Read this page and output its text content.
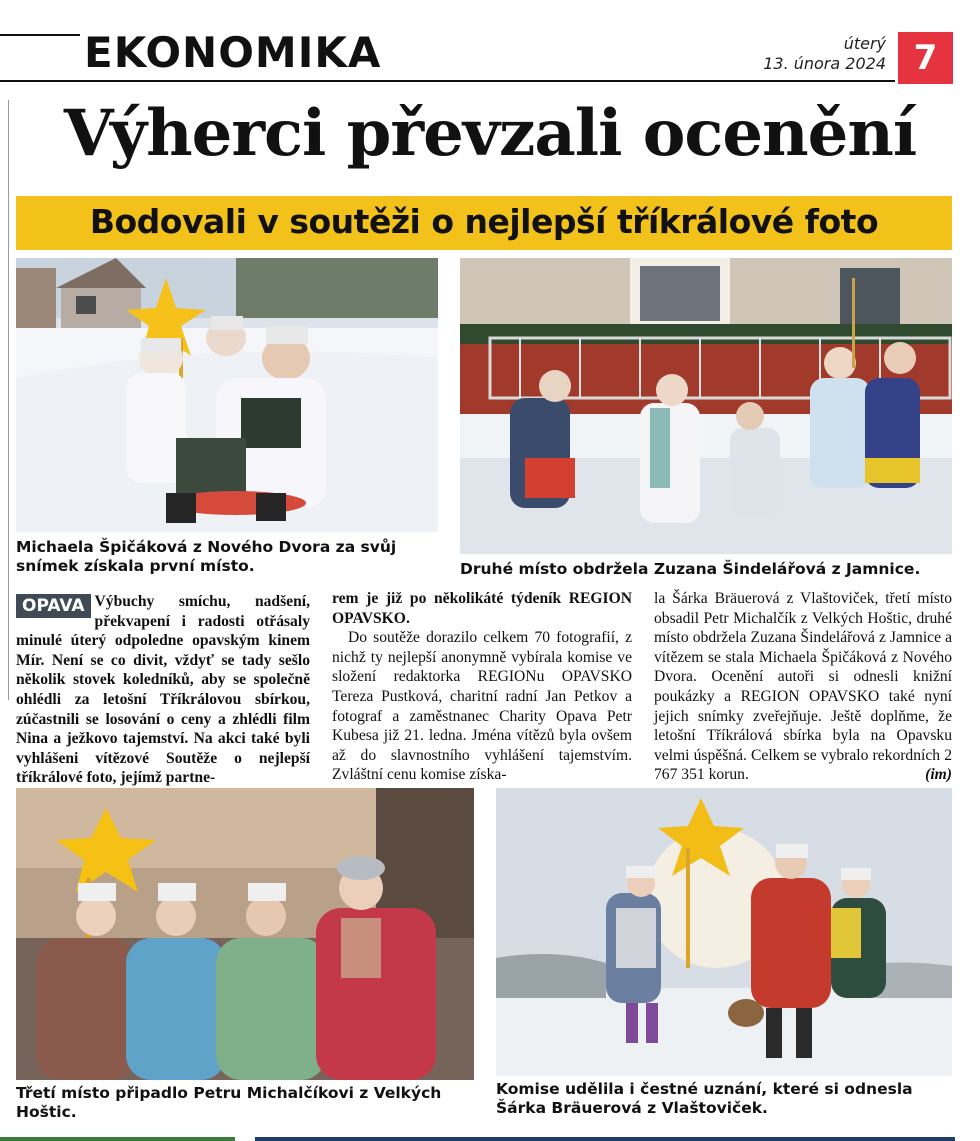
EKONOMIKA	úterý
13. února 2024 7
Výherci převzali ocenění
Bodovali v soutěži o nejlepší tříkrálové foto
Michaela Špičáková z Nového Dvora za svůj snímek získala první místo.	Druhé místo obdržela Zuzana Šindelářová z Jamnice.

OPAVA Výbuchy smíchu, nadšení, překvapení i radosti otřásaly minulé úterý odpoledne opavským kinem Mír. Není se co divit, vždyť se tady sešlo několik stovek koledníků, aby se společně ohlédli za letošní Tříkrálovou sbírkou, zúčastnili se losování o ceny a zhlédli film Nina a ježkovo tajemství. Na akci také byli vyhlášeni vítězové Soutěže o nejlepší tříkrálové foto, jejímž partne-

rem je již po několikáté týdeník REGION OPAVSKO.

Do soutěže dorazilo celkem 70 fotografií, z nichž ty nejlepší anonymně vybírala komise ve složení redaktorka REGIONu OPAVSKO Tereza Pustková, charitní radní Jan Petkov a fotograf a zaměstnanec Charity Opava Petr Kubesa již 21. ledna. Jména vítězů byla ovšem až do slavnostního vyhlášení tajemstvím. Zvláštní cenu komise získa-

la Šárka Bräuerová z Vlaštoviček, třetí místo obsadil Petr Michalčík z Velkých Hoštic, druhé místo obdržela Zuzana Šindelářová z Jamnice a vítězem se stala Michaela Špičáková z Nového Dvora. Ocenění autoři si odnesli knižní poukázky a REGION OPAVSKO také nyní jejich snímky zveřejňuje. Ještě doplňme, že letošní Tříkrálová sbírka byla na Opavsku velmi úspěšná. Celkem se vybralo rekordních 2 767 351 korun.	(im)

Třetí místo připadlo Petru Michalčíkovi z Velkých Hoštic.
Komise udělila i čestné uznání, které si odnesla Šárka Bräuerová z Vlaštoviček.
